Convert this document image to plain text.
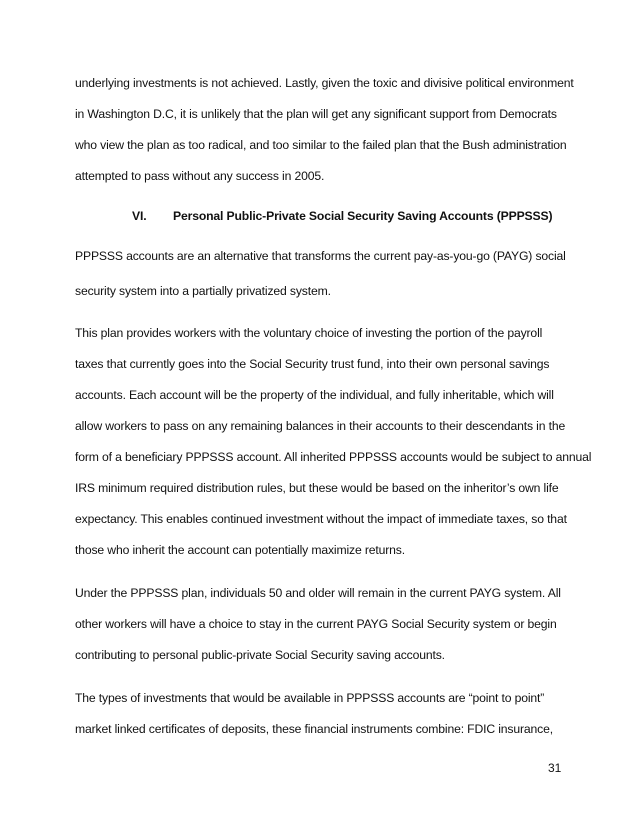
underlying investments is not achieved. Lastly, given the toxic and divisive political environment
in Washington D.C, it is unlikely that the plan will get any significant support from Democrats
who view the plan as too radical, and too similar to the failed plan that the Bush administration
attempted to pass without any success in 2005.
VI. Personal Public-Private Social Security Saving Accounts (PPPSSS)
PPPSSS accounts are an alternative that transforms the current pay-as-you-go (PAYG) social
security system into a partially privatized system.
This plan provides workers with the voluntary choice of investing the portion of the payroll
taxes that currently goes into the Social Security trust fund, into their own personal savings
accounts. Each account will be the property of the individual, and fully inheritable, which will
allow workers to pass on any remaining balances in their accounts to their descendants in the
form of a beneficiary PPPSSS account. All inherited PPPSSS accounts would be subject to annual
IRS minimum required distribution rules, but these would be based on the inheritor’s own life
expectancy. This enables continued investment without the impact of immediate taxes, so that
those who inherit the account can potentially maximize returns.
Under the PPPSSS plan, individuals 50 and older will remain in the current PAYG system. All
other workers will have a choice to stay in the current PAYG Social Security system or begin
contributing to personal public-private Social Security saving accounts.
The types of investments that would be available in PPPSSS accounts are “point to point”
market linked certificates of deposits, these financial instruments combine: FDIC insurance,
31
